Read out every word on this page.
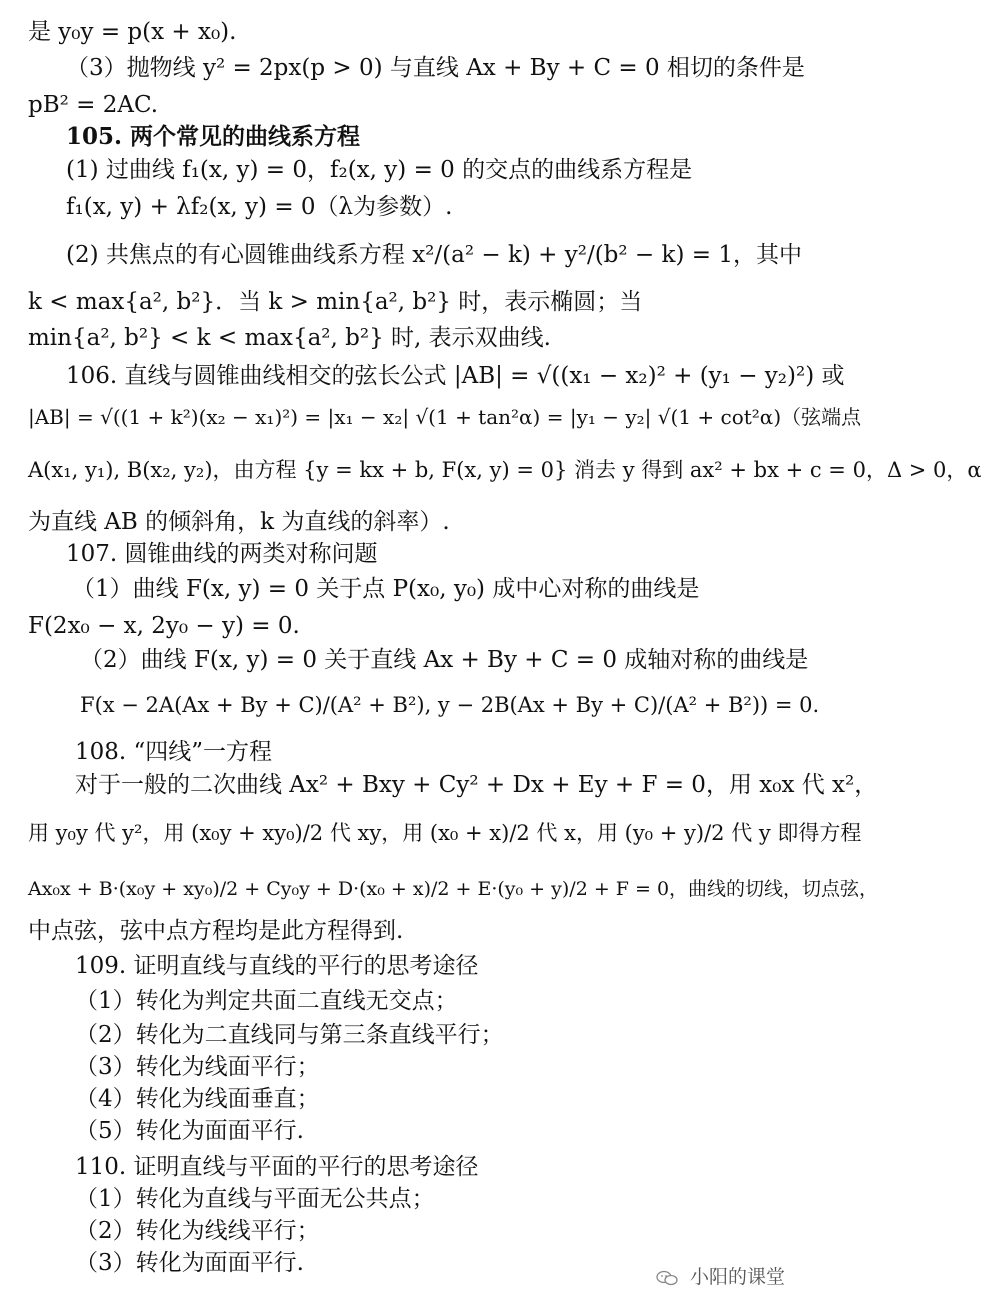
是 y₀y = p(x + x₀).
（3）抛物线 y² = 2px(p > 0) 与直线 Ax + By + C = 0 相切的条件是
pB² = 2AC.
105. 两个常见的曲线系方程
(1) 过曲线 f₁(x, y) = 0，f₂(x, y) = 0 的交点的曲线系方程是
f₁(x, y) + λf₂(x, y) = 0（λ为参数）.
(2) 共焦点的有心圆锥曲线系方程 x²/(a² − k) + y²/(b² − k) = 1，其中
k < max{a², b²}．当 k > min{a², b²} 时，表示椭圆；当
min{a², b²} < k < max{a², b²} 时, 表示双曲线.
106. 直线与圆锥曲线相交的弦长公式 |AB| = √((x₁ − x₂)² + (y₁ − y₂)²) 或
|AB| = √((1 + k²)(x₂ − x₁)²) = |x₁ − x₂| √(1 + tan²α) = |y₁ − y₂| √(1 + cot²α)（弦端点
A(x₁, y₁), B(x₂, y₂)，由方程 {y = kx + b, F(x, y) = 0} 消去 y 得到 ax² + bx + c = 0，Δ > 0，α
为直线 AB 的倾斜角，k 为直线的斜率）.
107. 圆锥曲线的两类对称问题
（1）曲线 F(x, y) = 0 关于点 P(x₀, y₀) 成中心对称的曲线是
F(2x₀ − x, 2y₀ − y) = 0.
（2）曲线 F(x, y) = 0 关于直线 Ax + By + C = 0 成轴对称的曲线是
F(x − 2A(Ax + By + C)/(A² + B²), y − 2B(Ax + By + C)/(A² + B²)) = 0.
108. “四线”一方程
对于一般的二次曲线 Ax² + Bxy + Cy² + Dx + Ey + F = 0，用 x₀x 代 x²，
用 y₀y 代 y²，用 (x₀y + xy₀)/2 代 xy，用 (x₀ + x)/2 代 x，用 (y₀ + y)/2 代 y 即得方程
Ax₀x + B·(x₀y + xy₀)/2 + Cy₀y + D·(x₀ + x)/2 + E·(y₀ + y)/2 + F = 0，曲线的切线，切点弦，
中点弦，弦中点方程均是此方程得到.
109. 证明直线与直线的平行的思考途径
（1）转化为判定共面二直线无交点；
（2）转化为二直线同与第三条直线平行；
（3）转化为线面平行；
（4）转化为线面垂直；
（5）转化为面面平行.
110. 证明直线与平面的平行的思考途径
（1）转化为直线与平面无公共点；
（2）转化为线线平行；
（3）转化为面面平行.
小阳的课堂
